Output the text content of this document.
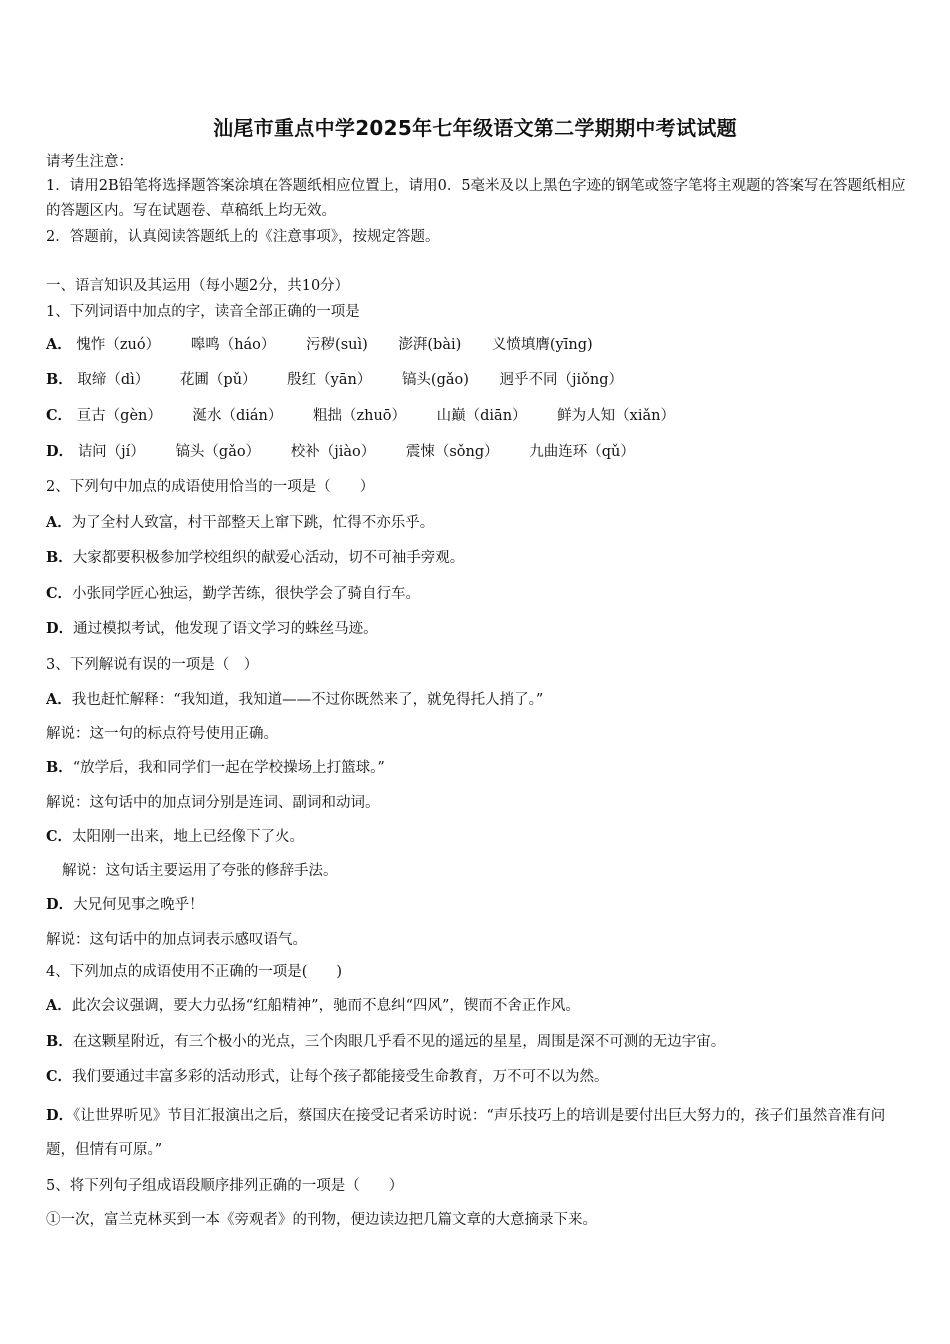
汕尾市重点中学2025年七年级语文第二学期期中考试试题
请考生注意：
1．请用2B铅笔将选择题答案涂填在答题纸相应位置上，请用0．5毫米及以上黑色字迹的钢笔或签字笔将主观题的答案写在答题纸相应的答题区内。写在试题卷、草稿纸上均无效。
2．答题前，认真阅读答题纸上的《注意事项》，按规定答题。
一、语言知识及其运用（每小题2分，共10分）
1、下列词语中加点的字，读音全部正确的一项是
A． 愧怍（zuó） 嗥鸣（háo） 污秽(suì) 澎湃(bài) 义愤填膺(yīng)
B． 取缔（dì） 花圃（pǔ） 殷红（yān） 镐头(gǎo) 迥乎不同（jiǒng）
C． 亘古（gèn） 涎水（dián） 粗拙（zhuō） 山巅（diān） 鲜为人知（xiǎn）
D． 诘问（jí） 镐头（gǎo） 校补（jiào） 震悚（sǒng） 九曲连环（qǔ）
2、下列句中加点的成语使用恰当的一项是（　　）
A．为了全村人致富，村干部整天上窜下跳，忙得不亦乐乎。
B．大家都要积极参加学校组织的献爱心活动，切不可袖手旁观。
C．小张同学匠心独运，勤学苦练，很快学会了骑自行车。
D．通过模拟考试，他发现了语文学习的蛛丝马迹。
3、下列解说有误的一项是（　）
A．我也赶忙解释：“我知道，我知道——不过你既然来了，就免得托人捎了。”
解说：这一句的标点符号使用正确。
B．“放学后，我和同学们一起在学校操场上打篮球。”
解说：这句话中的加点词分别是连词、副词和动词。
C．太阳刚一出来，地上已经像下了火。
解说：这句话主要运用了夸张的修辞手法。
D．大兄何见事之晚乎！
解说：这句话中的加点词表示感叹语气。
4、下列加点的成语使用不正确的一项是(　　)
A．此次会议强调，要大力弘扬“红船精神”，驰而不息纠“四风”，锲而不舍正作风。
B．在这颗星附近，有三个极小的光点，三个肉眼几乎看不见的遥远的星星，周围是深不可测的无边宇宙。
C．我们要通过丰富多彩的活动形式，让每个孩子都能接受生命教育，万不可不以为然。
D．《让世界听见》节目汇报演出之后，蔡国庆在接受记者采访时说：“声乐技巧上的培训是要付出巨大努力的，孩子们虽然音准有问题，但情有可原。”
5、将下列句子组成语段顺序排列正确的一项是（　　）
①一次，富兰克林买到一本《旁观者》的刊物，便边读边把几篇文章的大意摘录下来。
